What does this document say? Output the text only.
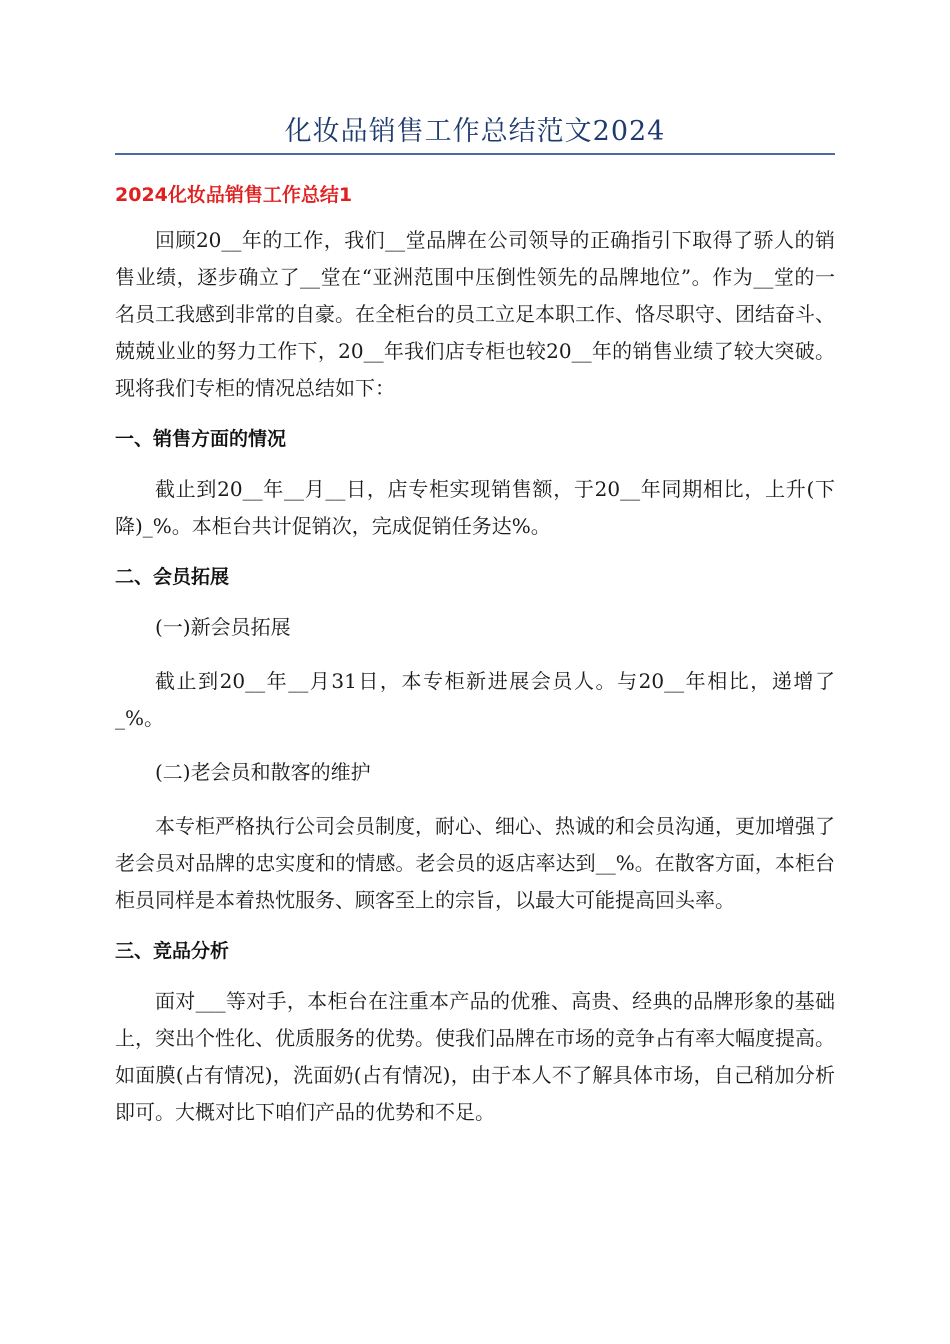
化妆品销售工作总结范文2024
2024化妆品销售工作总结1

回顾20__年的工作，我们__堂品牌在公司领导的正确指引下取得了骄人的销售业绩，逐步确立了__堂在“亚洲范围中压倒性领先的品牌地位”。作为__堂的一名员工我感到非常的自豪。在全柜台的员工立足本职工作、恪尽职守、团结奋斗、兢兢业业的努力工作下，20__年我们店专柜也较20__年的销售业绩了较大突破。现将我们专柜的情况总结如下：

一、销售方面的情况

截止到20__年__月__日，店专柜实现销售额，于20__年同期相比，上升(下降)_%。本柜台共计促销次，完成促销任务达%。

二、会员拓展

(一)新会员拓展

截止到20__年__月31日，本专柜新进展会员人。与20__年相比，递增了_%。

(二)老会员和散客的维护

本专柜严格执行公司会员制度，耐心、细心、热诚的和会员沟通，更加增强了老会员对品牌的忠实度和的情感。老会员的返店率达到__%。在散客方面，本柜台柜员同样是本着热忱服务、顾客至上的宗旨，以最大可能提高回头率。

三、竞品分析

面对___等对手，本柜台在注重本产品的优雅、高贵、经典的品牌形象的基础上，突出个性化、优质服务的优势。使我们品牌在市场的竞争占有率大幅度提高。如面膜(占有情况)，洗面奶(占有情况)，由于本人不了解具体市场，自己稍加分析即可。大概对比下咱们产品的优势和不足。
